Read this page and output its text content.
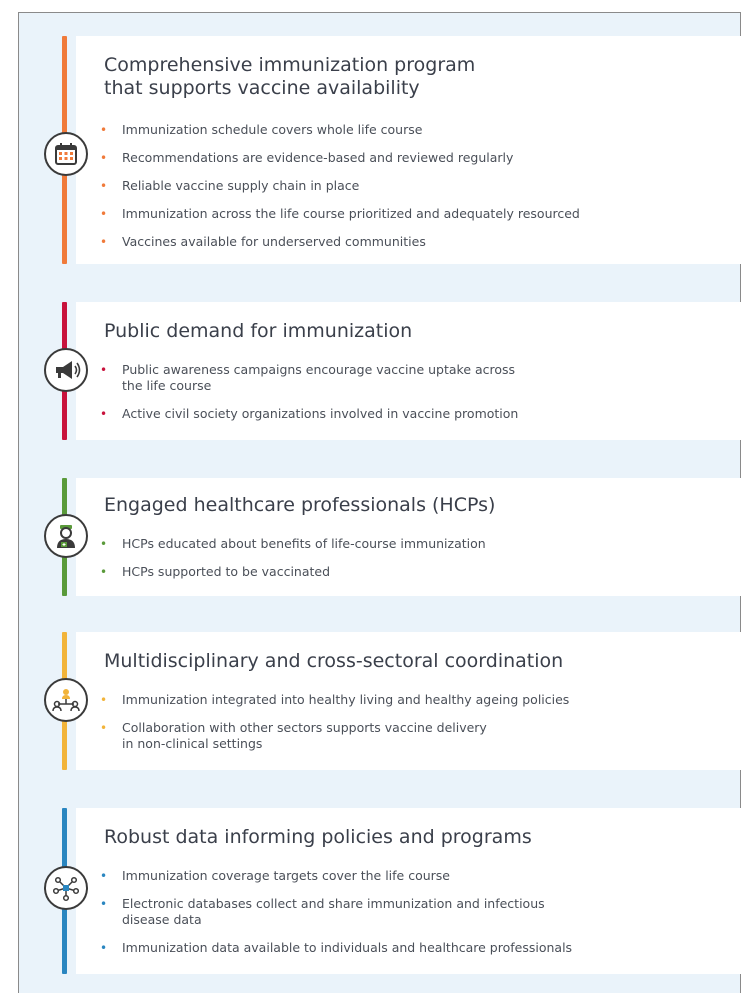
Comprehensive immunization program
that supports vaccine availability
• Immunization schedule covers whole life course
• Recommendations are evidence-based and reviewed regularly
• Reliable vaccine supply chain in place
• Immunization across the life course prioritized and adequately resourced
• Vaccines available for underserved communities
Public demand for immunization
• Public awareness campaigns encourage vaccine uptake across
the life course
• Active civil society organizations involved in vaccine promotion
Engaged healthcare professionals (HCPs)
• HCPs educated about benefits of life-course immunization
• HCPs supported to be vaccinated
Multidisciplinary and cross-sectoral coordination
• Immunization integrated into healthy living and healthy ageing policies
• Collaboration with other sectors supports vaccine delivery
in non-clinical settings
Robust data informing policies and programs
• Immunization coverage targets cover the life course
• Electronic databases collect and share immunization and infectious
disease data
• Immunization data available to individuals and healthcare professionals
